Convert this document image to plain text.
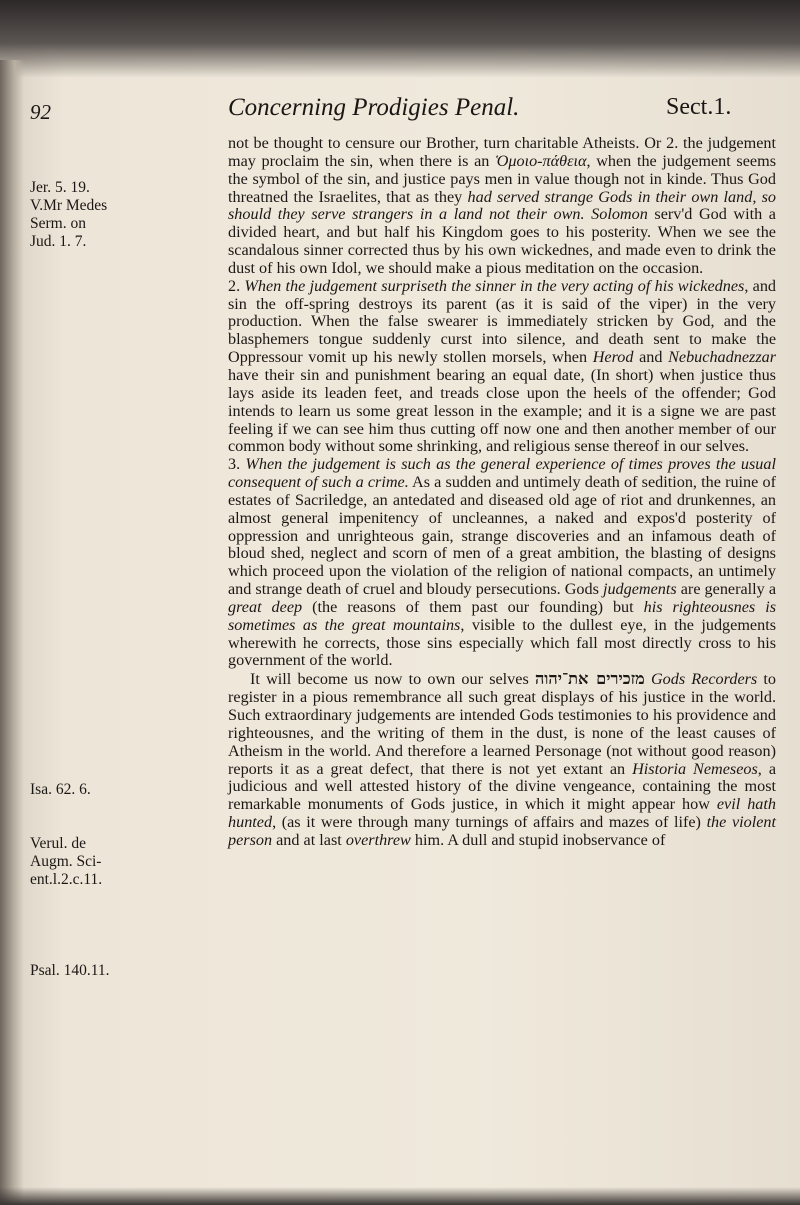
92	Concerning Prodigies Penal.	Sect.1.
Jer. 5. 19.
V.Mr Medes
Serm. on
Jud. 1. 7.
Isa. 62. 6.
Verul. de
Augm. Sci-
ent.l.2.c.11.
Psal. 140.11.

not be thought to censure our Brother, turn charitable Atheists. Or 2. the judgement may proclaim the sin, when there is an Ὁμοιο-πάθεια, when the judgement seems the symbol of the sin, and justice pays men in value though not in kinde. Thus God threatned the Israelites, that as they had served strange Gods in their own land, so should they serve strangers in a land not their own. Solomon serv'd God with a divided heart, and but half his Kingdom goes to his posterity. When we see the scandalous sinner corrected thus by his own wickednes, and made even to drink the dust of his own Idol, we should make a pious meditation on the occasion.

2. When the judgement surpriseth the sinner in the very acting of his wickednes, and sin the off-spring destroys its parent (as it is said of the viper) in the very production. When the false swearer is immediately stricken by God, and the blasphemers tongue suddenly curst into silence, and death sent to make the Oppressour vomit up his newly stollen morsels, when Herod and Nebuchadnezzar have their sin and punishment bearing an equal date, (In short) when justice thus lays aside its leaden feet, and treads close upon the heels of the offender; God intends to learn us some great lesson in the example; and it is a signe we are past feeling if we can see him thus cutting off now one and then another member of our common body without some shrinking, and religious sense thereof in our selves.

3. When the judgement is such as the general experience of times proves the usual consequent of such a crime. As a sudden and untimely death of sedition, the ruine of estates of Sacriledge, an antedated and diseased old age of riot and drunkennes, an almost general impenitency of uncleannes, a naked and expos'd posterity of oppression and unrighteous gain, strange discoveries and an infamous death of bloud shed, neglect and scorn of men of a great ambition, the blasting of designs which proceed upon the violation of the religion of national compacts, an untimely and strange death of cruel and bloudy persecutions. Gods judgements are generally a great deep (the reasons of them past our founding) but his righteousnes is sometimes as the great mountains, visible to the dullest eye, in the judgements wherewith he corrects, those sins especially which fall most directly cross to his government of the world.

It will become us now to own our selves מזכירים את־יהוה Gods Recorders to register in a pious remembrance all such great displays of his justice in the world. Such extraordinary judgements are intended Gods testimonies to his providence and righteousnes, and the writing of them in the dust, is none of the least causes of Atheism in the world. And therefore a learned Personage (not without good reason) reports it as a great defect, that there is not yet extant an Historia Nemeseos, a judicious and well attested history of the divine vengeance, containing the most remarkable monuments of Gods justice, in which it might appear how evil hath hunted, (as it were through many turnings of affairs and mazes of life) the violent person and at last overthrew him. A dull and stupid inobservance of
